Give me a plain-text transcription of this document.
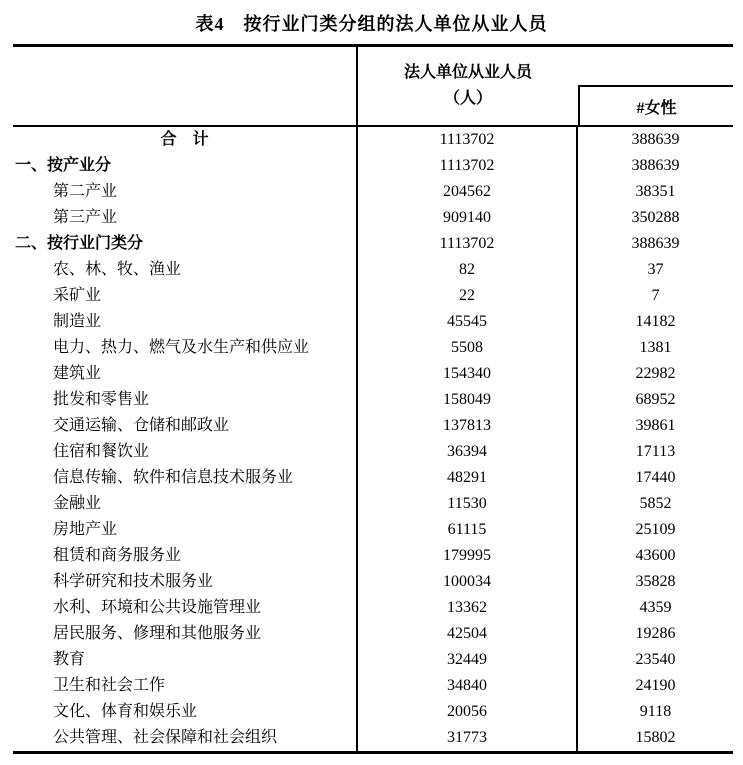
表4　按行业门类分组的法人单位从业人员
法人单位从业人员
（人）
#女性
合　计	1113702	388639
一、按产业分	1113702	388639
第二产业	204562	38351
第三产业	909140	350288
二、按行业门类分	1113702	388639
农、林、牧、渔业	82	37
采矿业	22	7
制造业	45545	14182
电力、热力、燃气及水生产和供应业	5508	1381
建筑业	154340	22982
批发和零售业	158049	68952
交通运输、仓储和邮政业	137813	39861
住宿和餐饮业	36394	17113
信息传输、软件和信息技术服务业	48291	17440
金融业	11530	5852
房地产业	61115	25109
租赁和商务服务业	179995	43600
科学研究和技术服务业	100034	35828
水利、环境和公共设施管理业	13362	4359
居民服务、修理和其他服务业	42504	19286
教育	32449	23540
卫生和社会工作	34840	24190
文化、体育和娱乐业	20056	9118
公共管理、社会保障和社会组织	31773	15802
